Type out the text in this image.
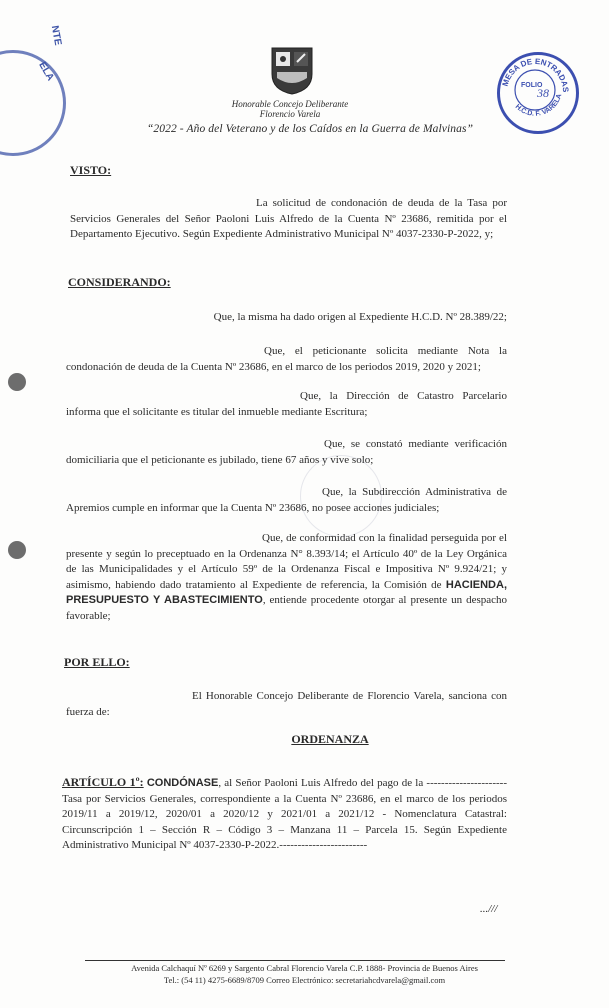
NTE
ELA	MESA DE ENTRADAS
H.C.D. F. VARELA
FOLIO
38
Honorable Concejo Deliberante
Florencio Varela
“2022 - Año del Veterano y de los Caídos en la Guerra de Malvinas”
VISTO:
La solicitud de condonación de deuda de la Tasa por Servicios Generales del Señor Paoloni Luis Alfredo de la Cuenta Nº 23686, remitida por el Departamento Ejecutivo. Según Expediente Administrativo Municipal Nº 4037-2330-P-2022, y;
CONSIDERANDO:
Que, la misma ha dado origen al Expediente H.C.D. Nº 28.389/22;
Que, el peticionante solicita mediante Nota la condonación de deuda de la Cuenta Nº 23686, en el marco de los periodos 2019, 2020 y 2021;
Que, la Dirección de Catastro Parcelario informa que el solicitante es titular del inmueble mediante Escritura;
Que, se constató mediante verificación domiciliaria que el peticionante es jubilado, tiene 67 años y vive solo;
Que, la Subdirección Administrativa de Apremios cumple en informar que la Cuenta Nº 23686, no posee acciones judiciales;
Que, de conformidad con la finalidad perseguida por el presente y según lo preceptuado en la Ordenanza N° 8.393/14; el Artículo 40º de la Ley Orgánica de las Municipalidades y el Artículo 59º de la Ordenanza Fiscal e Impositiva Nº 9.924/21; y asimismo, habiendo dado tratamiento al Expediente de referencia, la Comisión de HACIENDA, PRESUPUESTO Y ABASTECIMIENTO, entiende procedente otorgar al presente un despacho favorable;
POR ELLO:
El Honorable Concejo Deliberante de Florencio Varela, sanciona con fuerza de:
ORDENANZA
ARTÍCULO 1º: CONDÓNASE, al Señor Paoloni Luis Alfredo del pago de la ---------------------- Tasa por Servicios Generales, correspondiente a la Cuenta Nº 23686, en el marco de los periodos 2019/11 a 2019/12, 2020/01 a 2020/12 y 2021/01 a 2021/12 - Nomenclatura Catastral: Circunscripción 1 – Sección R – Código 3 – Manzana 11 – Parcela 15. Según Expediente Administrativo Municipal Nº 4037-2330-P-2022.------------------------
...///
Avenida Calchaquí Nº 6269 y Sargento Cabral Florencio Varela C.P. 1888- Provincia de Buenos Aires
Tel.: (54 11) 4275-6689/8709 Correo Electrónico: secretariahcdvarela@gmail.com
